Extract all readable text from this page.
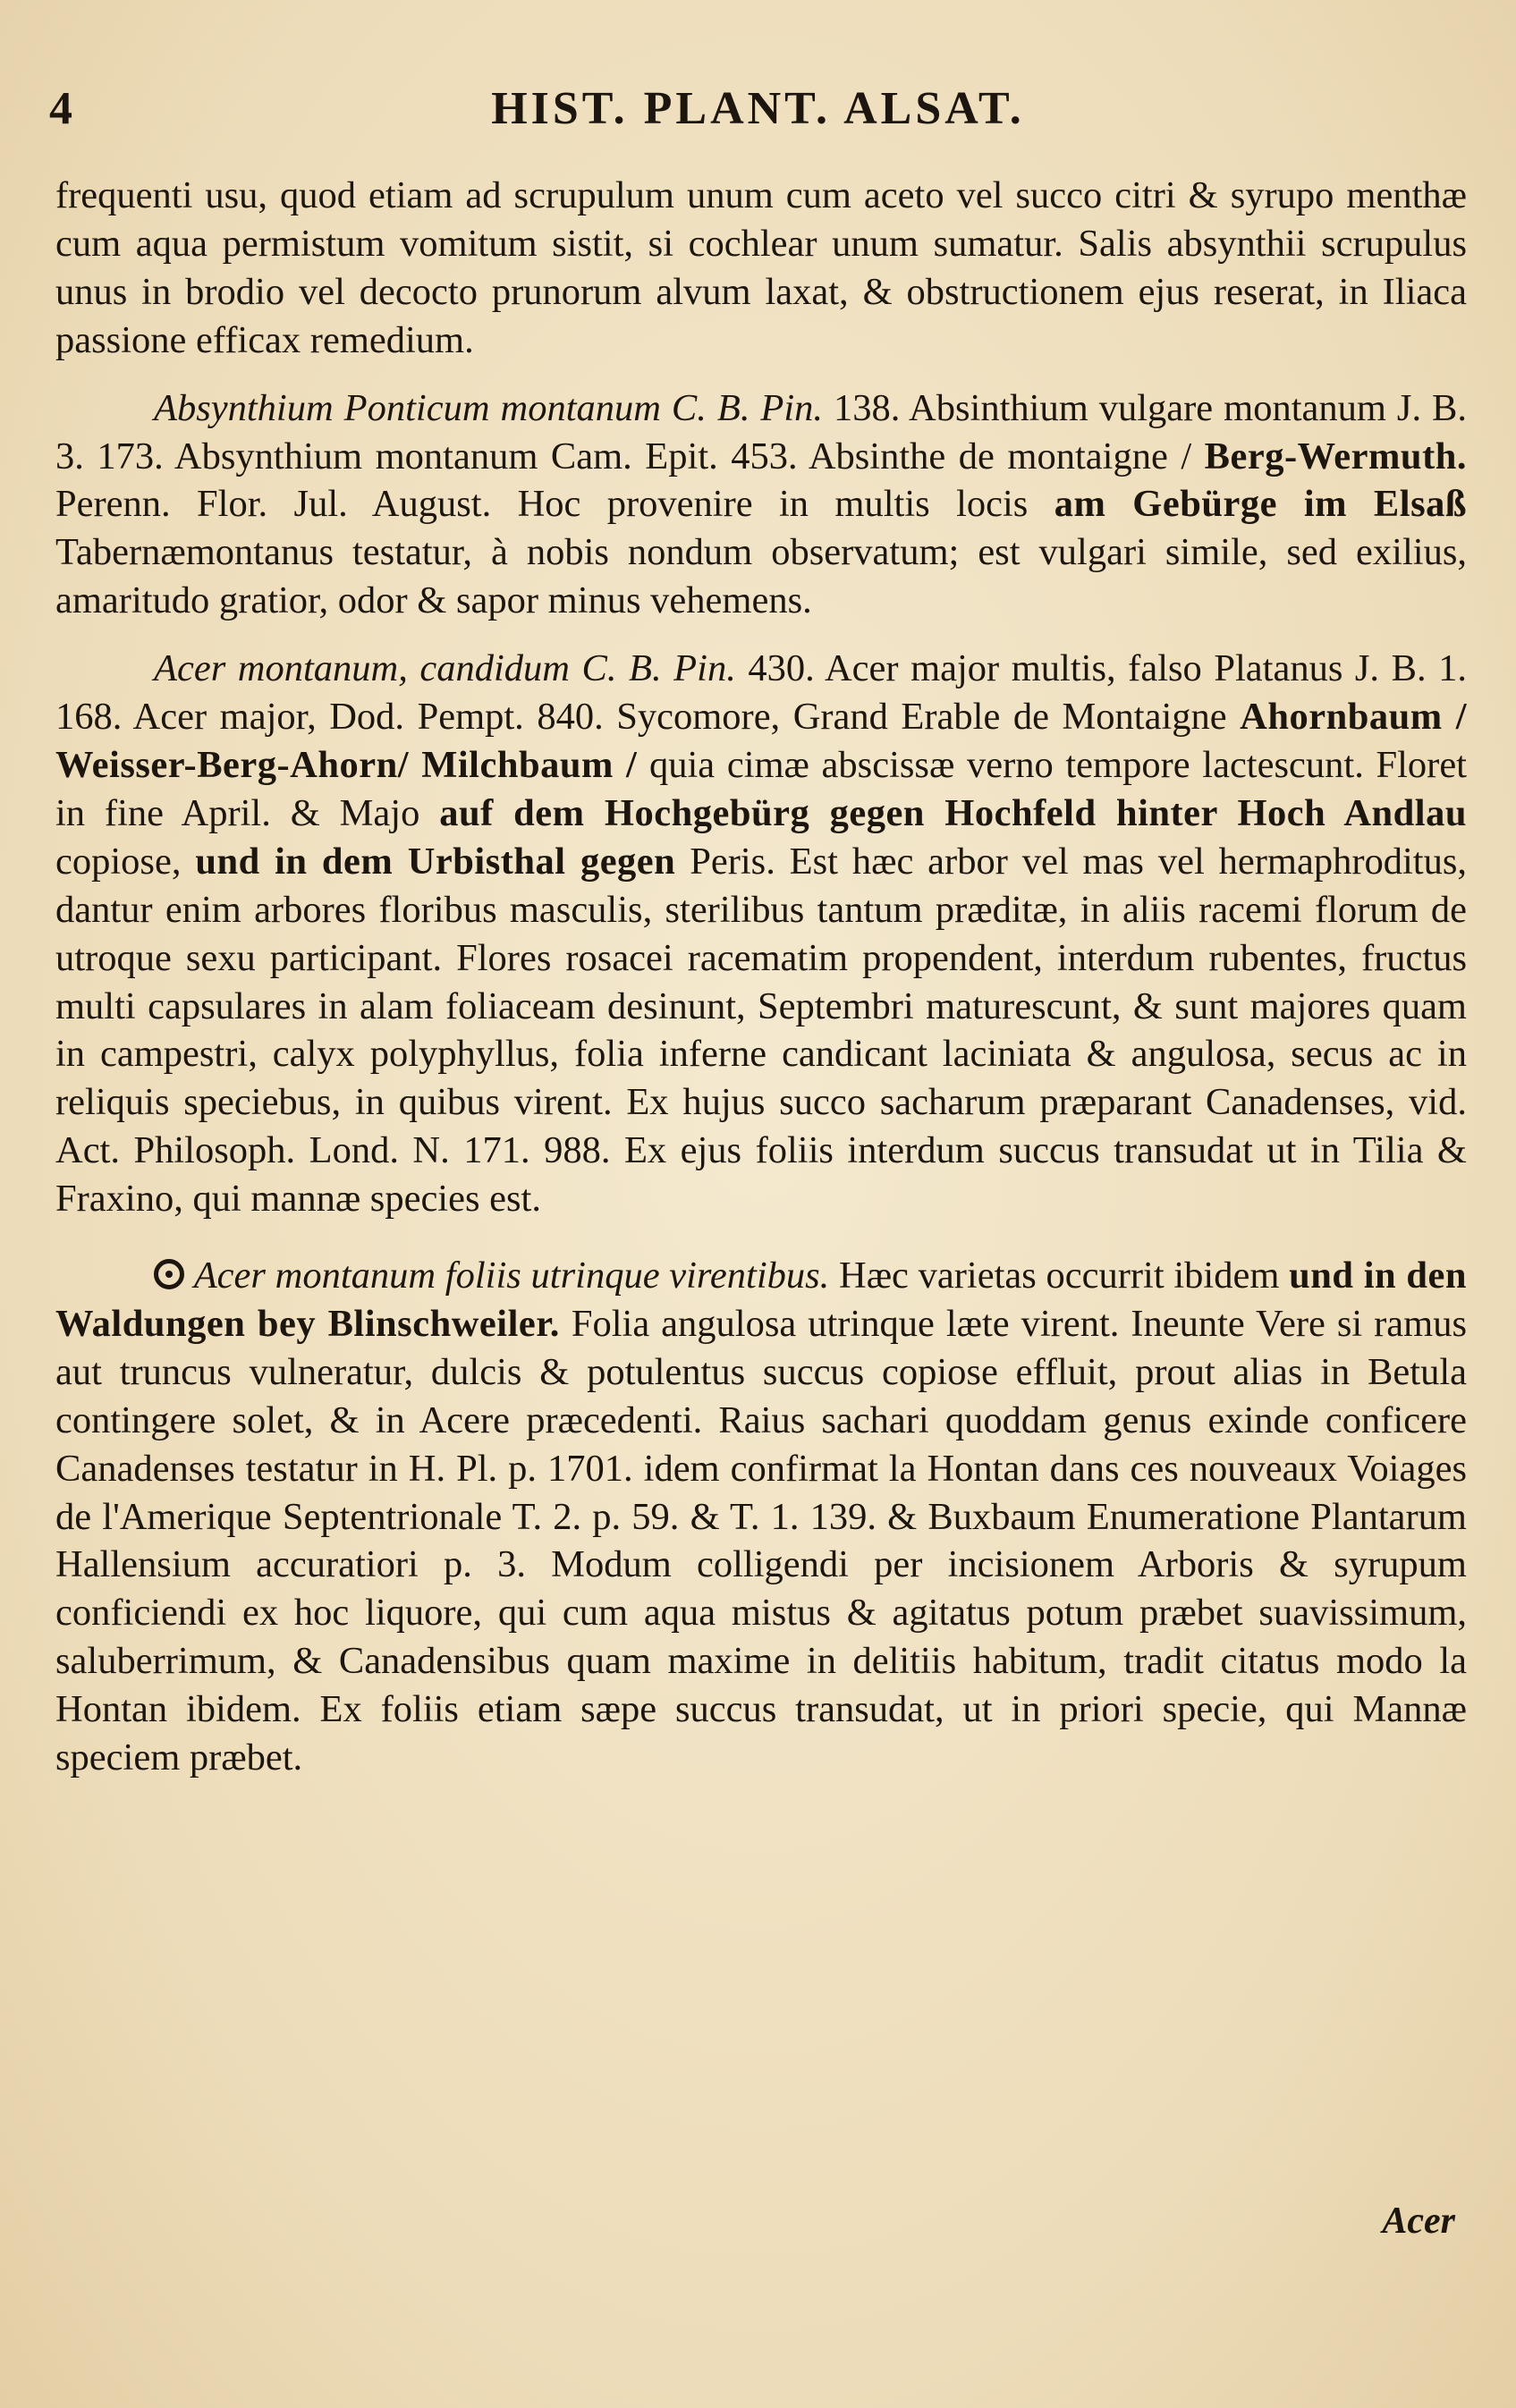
4	HIST. PLANT. ALSAT.

frequenti usu, quod etiam ad scrupulum unum cum aceto vel succo citri & syrupo menthæ cum aqua permistum vomitum sistit, si cochlear unum sumatur. Salis absynthii scrupulus unus in brodio vel decocto prunorum alvum laxat, & obstructionem ejus reserat, in Iliaca passione efficax remedium.

Absynthium Ponticum montanum C. B. Pin. 138. Absinthium vulgare montanum J. B. 3. 173. Absynthium montanum Cam. Epit. 453. Absinthe de montaigne / Berg-Wermuth. Perenn. Flor. Jul. August. Hoc provenire in multis locis am Gebürge im Elsaß Tabernæmontanus testatur, à nobis nondum observatum; est vulgari simile, sed exilius, amaritudo gratior, odor & sapor minus vehemens.

Acer montanum, candidum C. B. Pin. 430. Acer major multis, falso Platanus J. B. 1. 168. Acer major, Dod. Pempt. 840. Sycomore, Grand Erable de Montaigne Ahornbaum / Weisser-Berg-Ahorn/ Milchbaum / quia cimæ abscissæ verno tempore lactescunt. Floret in fine April. & Majo auf dem Hochgebürg gegen Hochfeld hinter Hoch Andlau copiose, und in dem Urbisthal gegen Peris. Est hæc arbor vel mas vel hermaphroditus, dantur enim arbores floribus masculis, sterilibus tantum præditæ, in aliis racemi florum de utroque sexu participant. Flores rosacei racematim propendent, interdum rubentes, fructus multi capsulares in alam foliaceam desinunt, Septembri maturescunt, & sunt majores quam in campestri, calyx polyphyllus, folia inferne candicant laciniata & angulosa, secus ac in reliquis speciebus, in quibus virent. Ex hujus succo sacharum præparant Canadenses, vid. Act. Philosoph. Lond. N. 171. 988. Ex ejus foliis interdum succus transudat ut in Tilia & Fraxino, qui mannæ species est.

Acer montanum foliis utrinque virentibus. Hæc varietas occurrit ibidem und in den Waldungen bey Blinschweiler. Folia angulosa utrinque læte virent. Ineunte Vere si ramus aut truncus vulneratur, dulcis & potulentus succus copiose effluit, prout alias in Betula contingere solet, & in Acere præcedenti. Raius sachari quoddam genus exinde conficere Canadenses testatur in H. Pl. p. 1701. idem confirmat la Hontan dans ces nouveaux Voiages de l'Amerique Septentrionale T. 2. p. 59. & T. 1. 139. & Buxbaum Enumeratione Plantarum Hallensium accuratiori p. 3. Modum colligendi per incisionem Arboris & syrupum conficiendi ex hoc liquore, qui cum aqua mistus & agitatus potum præbet suavissimum, saluberrimum, & Canadensibus quam maxime in delitiis habitum, tradit citatus modo la Hontan ibidem. Ex foliis etiam sæpe succus transudat, ut in priori specie, qui Mannæ speciem præbet.

Acer
